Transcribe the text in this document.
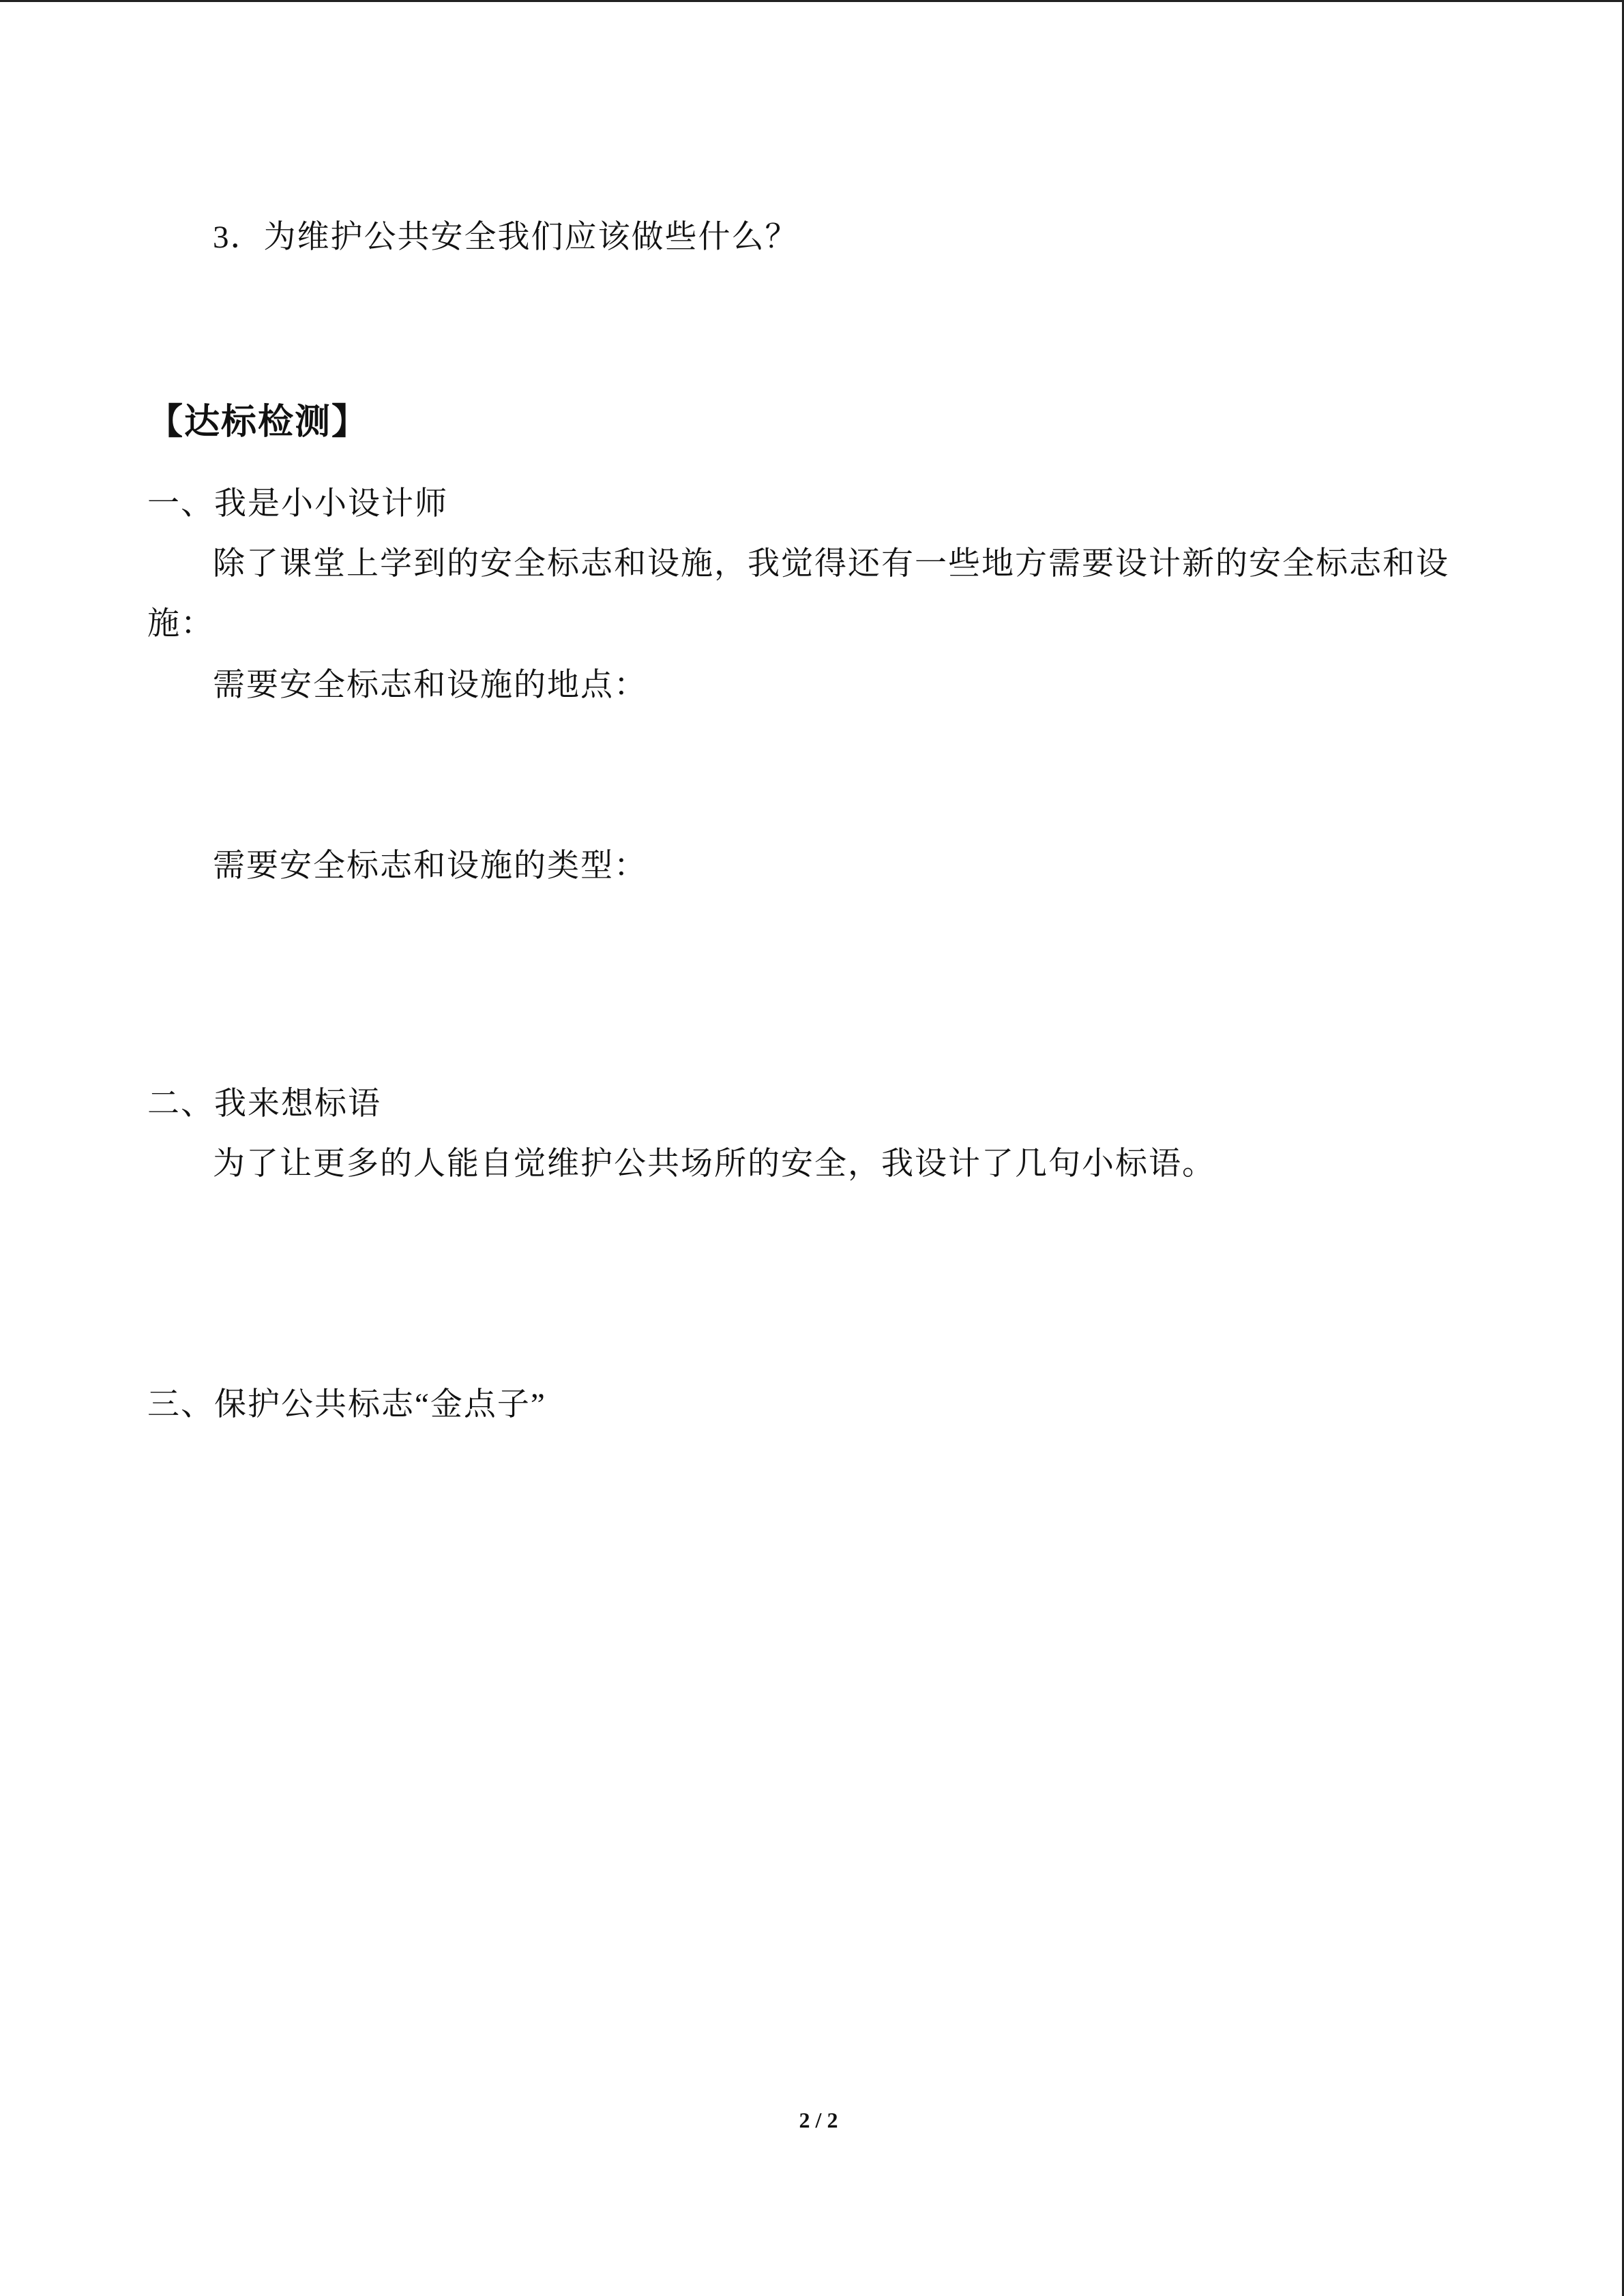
3．为维护公共安全我们应该做些什么？

【达标检测】

一、我是小小设计师

除了课堂上学到的安全标志和设施，我觉得还有一些地方需要设计新的安全标志和设

施：

需要安全标志和设施的地点：

需要安全标志和设施的类型：

二、我来想标语

为了让更多的人能自觉维护公共场所的安全，我设计了几句小标语。

三、保护公共标志“金点子”

2 / 2
